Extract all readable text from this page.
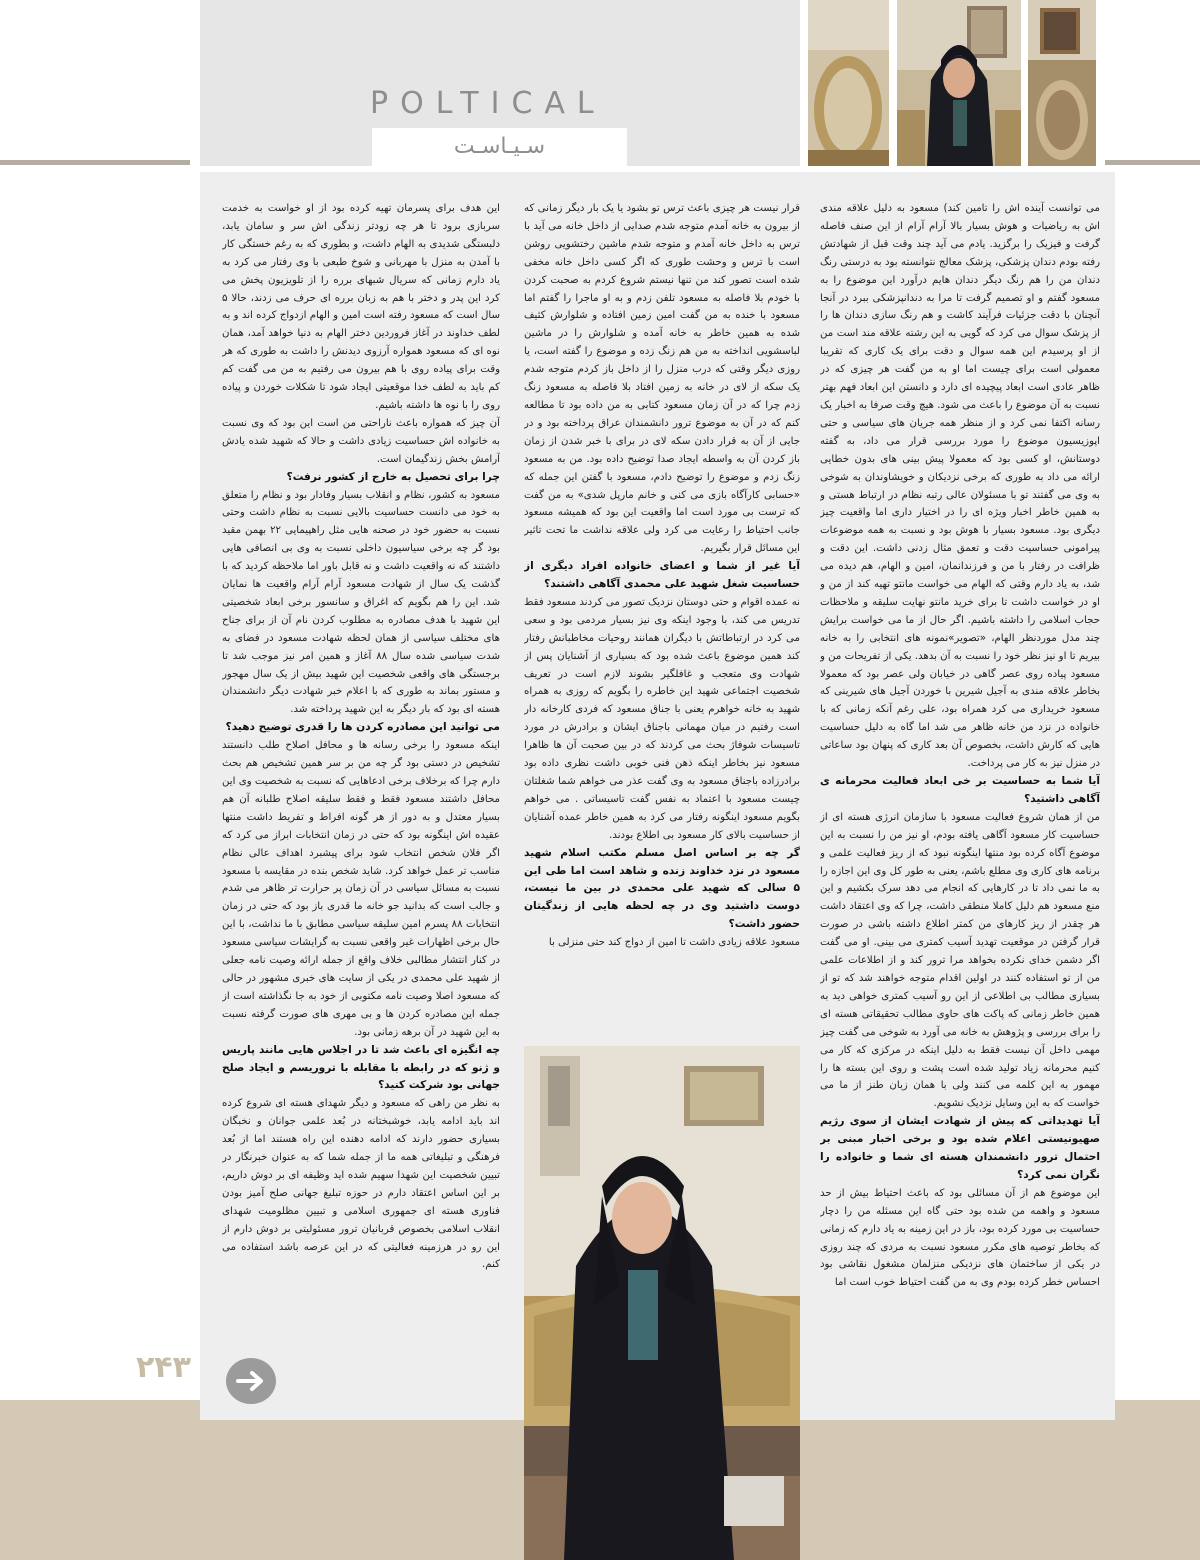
POLTICAL
سـیـاسـت

می توانست آینده اش را تامین کند) مسعود به دلیل علاقه مندی اش به ریاضیات و هوش بسیار بالا آرام آرام از این صنف فاصله گرفت و فیزیک را برگزید. یادم می آید چند وقت قبل از شهادتش رفته بودم دندان پزشکی، پزشک معالج نتوانسته بود به درستی رنگ دندان من را هم رنگ دیگر دندان هایم درآورد این موضوع را به مسعود گفتم و او تصمیم گرفت تا مرا به دندانپزشکی ببرد در آنجا آنچنان با دقت جزئیات فرآیند کاشت و هم رنگ سازی دندان ها را از پزشک سوال می کرد که گویی به این رشته علاقه مند است من از او پرسیدم این همه سوال و دقت برای یک کاری که تقریبا معمولی است برای چیست اما او به من گفت هر چیزی که در ظاهر عادی است ابعاد پیچیده ای دارد و دانستن این ابعاد فهم بهتر نسبت به آن موضوع را باعث می شود. هیچ وقت صرفا به اخبار یک رسانه اکتفا نمی کرد و از منظر همه جریان های سیاسی و حتی اپوزیسیون موضوع را مورد بررسی قرار می داد، به گفته دوستانش، او کسی بود که معمولا پیش بینی های بدون خطایی ارائه می داد به طوری که برخی نزدیکان و خویشاوندان به شوخی به وی می گفتند تو با مسئولان عالی رتبه نظام در ارتباط هستی و به همین خاطر اخبار ویژه ای را در اختیار داری اما واقعیت چیز دیگری بود. مسعود بسیار با هوش بود و نسبت به همه موضوعات پیرامونی حساسیت دقت و تعمق مثال زدنی داشت. این دقت و ظرافت در رفتار با من و فرزندانمان، امین و الهام، هم دیده می شد، به یاد دارم وقتی که الهام می خواست مانتو تهیه کند از من و او در خواست داشت تا برای خرید مانتو نهایت سلیقه و ملاحظات حجاب اسلامی را داشته باشیم. اگر حال از ما می خواست برایش چند مدل موردنظر الهام، «تصویر»نمونه های انتخابی را به خانه بیریم تا او نیز نظر خود را نسبت به آن بدهد. یکی از تفریحات من و مسعود پیاده روی عصر گاهی در خیابان ولی عصر بود که معمولا بخاطر علاقه مندی به آجیل شیرین با خوردن آجیل های شیرینی که مسعود خریداری می کرد همراه بود، علی رغم آنکه زمانی که با خانواده در نزد من خانه ظاهر می شد اما گاه به دلیل حساسیت هایی که کارش داشت، بخصوص آن بعد کاری که پنهان بود ساعاتی در منزل نیز به کار می پرداخت.

آیا شما به حساسیت بر خی ابعاد فعالیت محرمانه ی آگاهی داشتید؟

من از همان شروع فعالیت مسعود با سازمان انرژی هسته ای از حساسیت کار مسعود آگاهی یافته بودم، او نیز من را نسبت به این موضوع آگاه کرده بود منتها اینگونه نبود که از ریز فعالیت علمی و برنامه های کاری وی مطلع باشم، یعنی به طور کل وی این اجازه را به ما نمی داد تا در کارهایی که انجام می دهد سرک بکشیم و این منع مسعود هم دلیل کاملا منطقی داشت، چرا که وی اعتقاد داشت هر چقدر از ریز کارهای من کمتر اطلاع داشته باشی در صورت قرار گرفتن در موقعیت تهدید آسیب کمتری می بینی. او می گفت اگر دشمن خدای نکرده بخواهد مرا ترور کند و از اطلاعات علمی من از تو استفاده کنند در اولین اقدام متوجه خواهند شد که تو از بسیاری مطالب بی اطلاعی از این رو آسیب کمتری خواهی دید به همین خاطر زمانی که پاکت های حاوی مطالب تحقیقاتی هسته ای را برای بررسی و پژوهش به خانه می آورد به شوخی می گفت چیز مهمی داخل آن نیست فقط به دلیل اینکه در مرکزی که کار می کنیم محرمانه زیاد تولید شده است پشت و روی این بسته ها را مهمور به این کلمه می کنند ولی با همان زبان طنز از ما می خواست که به این وسایل نزدیک نشویم.

آیا تهدیداتی که پیش از شهادت ایشان از سوی رژیم صهیونیستی اعلام شده بود و برخی اخبار مبنی بر احتمال ترور دانشمندان هسته ای شما و خانواده را نگران نمی کرد؟

این موضوع هم از آن مسائلی بود که باعث احتیاط بیش از حد مسعود و واهمه من شده بود حتی گاه این مسئله من را دچار حساسیت بی مورد کرده بود، باز در این زمینه به یاد دارم که زمانی که بخاطر توصیه های مکرر مسعود نسبت به مردی که چند روزی در یکی از ساختمان های نزدیکی منزلمان مشغول نقاشی بود احساس خطر کرده بودم وی به من گفت احتیاط خوب است اما

قرار نیست هر چیزی باعث ترس تو بشود یا یک بار دیگر زمانی که از بیرون به خانه آمدم متوجه شدم صدایی از داخل خانه می آید با ترس به داخل خانه آمدم و متوجه شدم ماشین رختشویی روشن است با ترس و وحشت طوری که اگر کسی داخل خانه مخفی شده است تصور کند من تنها نیستم شروع کردم به صحبت کردن با خودم بلا فاصله به مسعود تلفن زدم و به او ماجرا را گفتم اما مسعود با خنده به من گفت امین زمین افتاده و شلوارش کثیف شده به همین خاطر به خانه آمده و شلوارش را در ماشین لباسشویی انداخته به من هم زنگ زده و موضوع را گفته است، یا روزی دیگر وقتی که درب منزل را از داخل باز کردم متوجه شدم یک سکه از لای در خانه به زمین افتاد بلا فاصله به مسعود زنگ زدم چرا که در آن زمان مسعود کتابی به من داده بود تا مطالعه کنم که در آن به موضوع ترور دانشمندان عراق پرداخته بود و در جایی از آن به قرار دادن سکه لای در برای با خبر شدن از زمان باز کردن آن به واسطه ایجاد صدا توضیح داده بود. من به مسعود زنگ زدم و موضوع را توضیح دادم، مسعود با گفتن این جمله که «حسابی کارآگاه بازی می کنی و خانم مارپل شدی» به من گفت که ترست بی مورد است اما واقعیت این بود که همیشه مسعود جانب احتیاط را رعایت می کرد ولی علاقه نداشت ما تحت تاثیر این مسائل قرار بگیریم.

آیا غیر از شما و اعضای خانواده افراد دیگری از حساسیت شغل شهید علی محمدی آگاهی داشتند؟

نه عمده اقوام و حتی دوستان نزدیک تصور می کردند مسعود فقط تدریس می کند، با وجود اینکه وی نیز بسیار مردمی بود و سعی می کرد در ارتباطاتش با دیگران همانند روحیات مخاطبانش رفتار کند همین موضوع باعث شده بود که بسیاری از آشنایان پس از شهادت وی متعجب و غافلگیر بشوند لازم است در تعریف شخصیت اجتماعی شهید این خاطره را بگویم که روزی به همراه شهید به خانه خواهرم یعنی با جناق مسعود که فردی کارخانه دار است رفتیم در میان مهمانی باجناق ایشان و برادرش در مورد تاسیسات شوفاژ بحث می کردند که در بین صحبت آن ها ظاهرا مسعود نیز بخاطر اینکه ذهن فنی خوبی داشت نظری داده بود برادرزاده باجناق مسعود به وی گفت عذر می خواهم شما شغلتان چیست مسعود با اعتماد به نفس گفت تاسیساتی . می خواهم بگویم مسعود اینگونه رفتار می کرد به همین خاطر عمده آشنایان از حساسیت بالای کار مسعود بی اطلاع بودند.

گر چه بر اساس اصل مسلم مکتب اسلام شهید مسعود در نزد خداوند زنده و شاهد است اما طی این ۵ سالی که شهید علی محمدی در بین ما نیست، دوست داشتید وی در چه لحظه هایی از زندگیتان حضور داشت؟

مسعود علاقه زیادی داشت تا امین از دواج کند حتی منزلی با

این هدف برای پسرمان تهیه کرده بود از او خواست به خدمت سربازی برود تا هر چه زودتر زندگی اش سر و سامان یابد، دلبستگی شدیدی به الهام داشت، و بطوری که به رغم خستگی کار با آمدن به منزل با مهربانی و شوخ طبعی با وی رفتار می کرد به یاد دارم زمانی که سریال شبهای برره را از تلویزیون پخش می کرد این پدر و دختر با هم به زبان برره ای حرف می زدند، حالا ۵ سال است که مسعود رفته است امین و الهام ازدواج کرده اند و به لطف خداوند در آغاز فروردین دختر الهام به دنیا خواهد آمد، همان نوه ای که مسعود همواره آرزوی دیدنش را داشت به طوری که هر وقت برای پیاده روی با هم بیرون می رفتیم به من می گفت کم کم باید به لطف خدا موقعیتی ایجاد شود تا شکلات خوردن و پیاده روی را با نوه ها داشته باشیم.

آن چیز که همواره باعث ناراحتی من است این بود که وی نسبت به خانواده اش حساسیت زیادی داشت و حالا که شهید شده یادش آرامش بخش زندگیمان است.

چرا برای تحصیل به خارج از کشور نرفت؟

مسعود به کشور، نظام و انقلاب بسیار وفادار بود و نظام را متعلق به خود می دانست حساسیت بالایی نسبت به نظام داشت وحتی نسبت به حضور خود در صحنه هایی مثل راهپیمایی ۲۲ بهمن مقید بود گر چه برخی سیاسیون داخلی نسبت به وی بی انصافی هایی داشتند که نه واقعیت داشت و نه قابل باور اما ملاحظه کردید که با گذشت یک سال از شهادت مسعود آرام آرام واقعیت ها نمایان شد. این را هم بگویم که اغراق و سانسور برخی ابعاد شخصیتی این شهید با هدف مصادره به مطلوب کردن نام آن از برای جناح های مختلف سیاسی از همان لحظه شهادت مسعود در فضای به شدت سیاسی شده سال ۸۸ آغاز و همین امر نیز موجب شد تا برجستگی های واقعی شخصیت این شهید بیش از یک سال مهجور و مستور بماند به طوری که با اعلام خبر شهادت دیگر دانشمندان هسته ای بود که بار دیگر به این شهید پرداخته شد.

می توانید این مصادره کردن ها را قدری توضیح دهید؟

اینکه مسعود را برخی رسانه ها و محافل اصلاح طلب دانستند تشخیص در دستی بود گر چه من بر سر همین تشخیص هم بحث دارم چرا که برخلاف برخی ادعاهایی که نسبت به شخصیت وی این محافل داشتند مسعود فقط و فقط سلیقه اصلاح طلبانه آن هم بسیار معتدل و به دور از هر گونه افراط و تفریط داشت منتها عقیده اش اینگونه بود که حتی در زمان انتخابات ابراز می کرد که اگر فلان شخص انتخاب شود برای پیشبرد اهداف عالی نظام مناسب تر عمل خواهد کرد. شاید شخص بنده در مقایسه با مسعود نسبت به مسائل سیاسی در آن زمان پر حرارت تر ظاهر می شدم و جالب است که بدانید جو خانه ما قدری باز بود که حتی در زمان انتخابات ۸۸ پسرم امین سلیقه سیاسی مطابق با ما نداشت، با این حال برخی اظهارات غیر واقعی نسبت به گرایشات سیاسی مسعود در کنار انتشار مطالبی خلاف واقع از جمله ارائه وصیت نامه جعلی از شهید علی محمدی در یکی از سایت های خبری مشهور در حالی که مسعود اصلا وصیت نامه مکتوبی از خود به جا نگذاشته است از جمله این مصادره کردن ها و بی مهری های صورت گرفته نسبت به این شهید در آن برهه زمانی بود.

چه انگیزه ای باعث شد تا در اجلاس هایی مانند پاریس و ژنو که در رابطه با مقابله با تروریسم و ایجاد صلح جهانی بود شرکت کنید؟

به نظر من راهی که مسعود و دیگر شهدای هسته ای شروع کرده اند باید ادامه یابد، خوشبختانه در بُعد علمی جوانان و نخبگان بسیاری حضور دارند که ادامه دهنده این راه هستند اما از بُعد فرهنگی و تبلیغاتی همه ما از جمله شما که به عنوان خبرنگار در تبیین شخصیت این شهدا سهیم شده اید وظیفه ای بر دوش داریم، بر این اساس اعتقاد دارم در حوزه تبلیغ جهانی صلح آمیز بودن فناوری هسته ای جمهوری اسلامی و تبیین مظلومیت شهدای انقلاب اسلامی بخصوص قربانیان ترور مسئولیتی بر دوش دارم از این رو در هرزمینه فعالیتی که در این عرصه باشد استفاده می کنم.

۲۴۳
